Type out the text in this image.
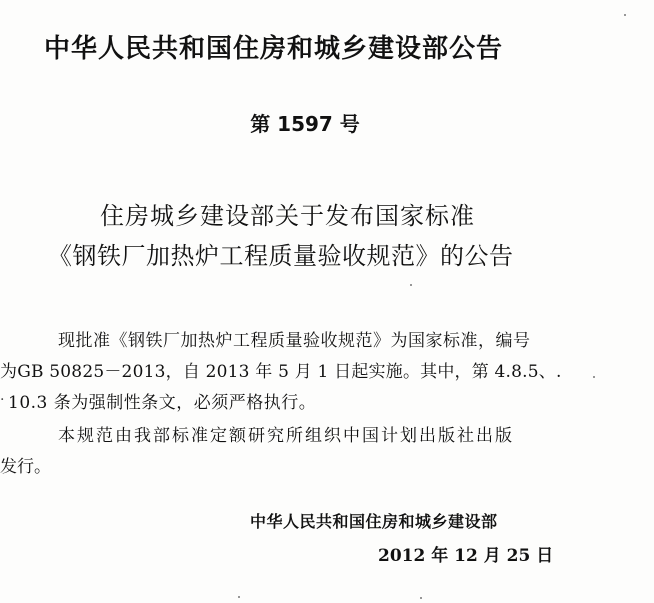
中华人民共和国住房和城乡建设部公告
第 1597 号
住房城乡建设部关于发布国家标准
《钢铁厂加热炉工程质量验收规范》的公告
现批准《钢铁厂加热炉工程质量验收规范》为国家标准，编号
为GB 50825－2013，自 2013 年 5 月 1 日起实施。其中，第 4.8.5、.
. 10.3 条为强制性条文，必须严格执行。
本规范由我部标准定额研究所组织中国计划出版社出版
发行。
中华人民共和国住房和城乡建设部
2012 年 12 月 25 日
